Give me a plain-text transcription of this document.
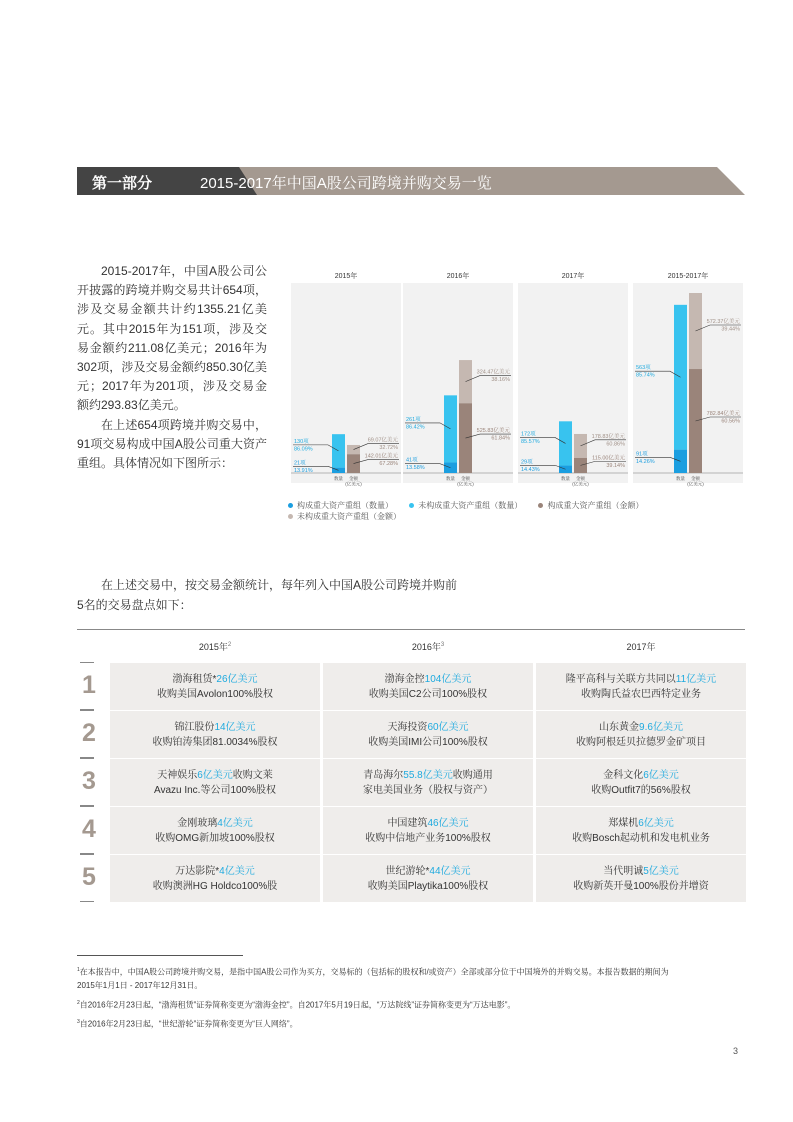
第一部分	2015-2017年中国A股公司跨境并购交易一览

2015-2017年，中国A股公司公开披露的跨境并购交易共计654项，涉及交易金额共计约1355.21亿美元。其中2015年为151项，涉及交易金额约211.08亿美元；2016年为302项，涉及交易金额约850.30亿美元；2017年为201项，涉及交易金额约293.83亿美元。

在上述654项跨境并购交易中，91项交易构成中国A股公司重大资产重组。具体情况如下图所示：

2015年
数量	金额(亿美元)
130项
86.09%
21项
13.91%
69.07亿美元
32.72%
142.01亿美元
67.28%
2016年
数量	金额(亿美元)
261项
86.42%
41项
13.58%
324.47亿美元
38.16%
525.83亿美元
61.84%
2017年
数量	金额(亿美元)
172项
85.57%
29项
14.43%
178.83亿美元
60.86%
115.00亿美元
39.14%
2015-2017年
数量	金额(亿美元)
563项
85.74%
91项
14.26%
572.37亿美元
39.44%
782.84亿美元
60.56%
构成重大资产重组（数量）	未构成重大资产重组（数量）	构成重大资产重组（金额） 未构成重大资产重组（金额）

在上述交易中，按交易金额统计，每年列入中国A股公司跨境并购前5名的交易盘点如下：

2015年$^2$	2016年$^3$	2017年
1	渤海租赁*26亿美元
收购美国Avolon100%股权
渤海金控104亿美元
收购美国C2公司100%股权
隆平高科与关联方共同以11亿美元
收购陶氏益农巴西特定业务
2	锦江股份14亿美元
收购铂涛集团81.0034%股权
天海投资60亿美元
收购美国IMI公司100%股权
山东黄金9.6亿美元
收购阿根廷贝拉德罗金矿项目
3	天神娱乐6亿美元收购文莱
Avazu Inc.等公司100%股权
青岛海尔55.8亿美元收购通用
家电美国业务（股权与资产）
金科文化6亿美元
收购Outfit7的56%股权
4	金刚玻璃4亿美元
收购OMG新加坡100%股权
中国建筑46亿美元
收购中信地产业务100%股权
郑煤机6亿美元
收购Bosch起动机和发电机业务
5	万达影院*4亿美元
收购澳洲HG Holdco100%股
世纪游轮*44亿美元
收购美国Playtika100%股权
当代明诚5亿美元
收购新英开曼100%股份并增资

$^1$在本报告中，中国A股公司跨境并购交易，是指中国A股公司作为买方，交易标的（包括标的股权和/或资产）全部或部分位于中国境外的并购交易。本报告数据的期间为2015年1月1日 - 2017年12月31日。

$^2$自2016年2月23日起，“渤海租赁”证券简称变更为“渤海金控”。自2017年5月19日起，“万达院线”证券简称变更为“万达电影”。

$^3$自2016年2月23日起，“世纪游轮”证券简称变更为“巨人网络”。

3
